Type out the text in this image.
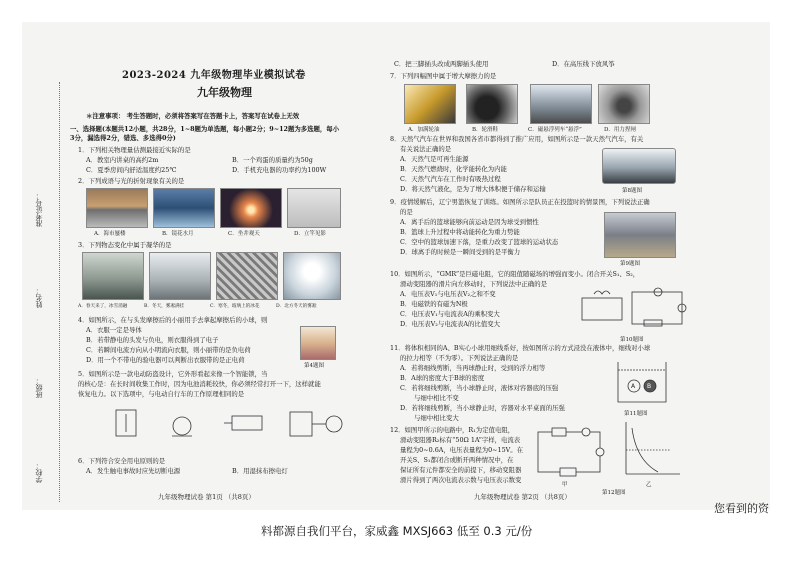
准考证号：
姓名：
班级：
学校：
2023-2024 九年级物理毕业模拟试卷
九年级物理
＊注意事项： 考生答题时，必须将答案写在答题卡上，答案写在试卷上无效
一、选择题(本题共12小题，共28分，1~8题为单选题，每小题2分；9~12题为多选题，每小
3分，漏选得2分，错选、多选得0分)
1．下列相关物理量估测最接近实际的是
A．教室内讲桌的高约2m	B．一个鸡蛋的质量约为50g
C．夏季房间内舒适温度约25℃	D．手机充电器的功率约为100W
2．下列成语与光的折射现象有关的是
A．海市蜃楼	B．镜花水月	C．坐井观天	D．立竿见影
3．下列物态变化中属于凝华的是
A．春天来了，冰雪消融	B．冬天，雾凇满挂	C．寒冬，玻璃上的冰花	D．北方冬天的雾凇
4．如图所示，在与头发摩擦后的小丽用手去拿起摩擦后的小球，则
A．衣服一定是导体
B．若带静电的头发与负电，则衣服得到了电子
C．若瞬间电流方向从小明流向衣服，则小丽带的是负电荷
D．用一个不带电的验电器可以判断出衣服带的是正电荷
第4题图
5．如图所示是一款电动防盗设计，它外形看起来像一个智能锁，当
的核心是：在长时间收集工作时，因为电池消耗较快，你必须经常打开一下，这样就能
恢复电力。以下选项中，与电动自行车的工作原理相同的是
6．下列符合安全用电原则的是
A．发生触电事故时应先切断电源	B．用湿抹布擦电灯
九年级物理试卷 第1页 （共8页）
C．把三脚插头改成两脚插头使用	D．在高压线下放风筝
7．下列四幅图中属于增大摩擦力的是
A．加满轮油	B．轮滑鞋	C．磁悬浮列车“悬浮”	D．用力捏闸
8．天然气汽车在世界和我国各省市都得到了推广应用，如图所示是一款天然气汽车，有关
有关说法正确的是
A．天然气是可再生能源
B．天然气燃烧时，化学能转化为内能
C．天然气汽车在工作时有吸热过程
D．将天然气液化，是为了增大体积便于储存和运输	第8题图
9．疫情缓解后，辽宁男篮恢复了训练。如图所示是队员正在投篮时的情景图，下列说法正确
的是
A．离手后的篮球能够向前运动是因为球受到惯性
B．篮球上升过程中将动能转化为重力势能
C．空中的篮球加速下落，是重力改变了篮球的运动状态
D．球离手的时候是一瞬间受到的是平衡力
第9题图
10．如图所示，“GMR”是巨磁电阻，它的阻值随磁场的增强而变小。闭合开关S₁、S₂，
滑动变阻器的滑片向左移动时，下列说法中正确的是
A．电压表V₁与电压表V₂之和不变
B．电磁铁的有磁为N极
C．电压表V₁与电流表A的乘积变大
D．电压表V₂与电流表A的比值变大
第10题图
11．将体积相同的A、B实心小球用细线系好，按如图所示的方式浸没在液体中，细线对小球
的拉力相等（不为零）。下列说法正确的是
A．若将细线剪断，当再球静止时，受到的浮力相等
B．A球的密度大于B球的密度
C．若将细线剪断，当小球静止时，液体对容器底的压强
与细中相比不变
D．若将细线剪断，当小球静止时，容器对水平桌面的压强
与细中相比变大
A B
第11题图
12．如图甲所示的电路中，R₁为定值电阻，
滑动变阻器R₂标有“50Ω 1A”字样，电流表
量程为0~0.6A，电压表量程为0~15V。在
开关S、S₁都闭合或断开两种情况中，在
保证所有元件都安全的前提下，移动变阻器
滑片得到了两次电流表示数与电压表示数变
甲	乙
第12题图
九年级物理试卷 第2页 （共8页）
您看到的资
料都源自我们平台，家威鑫 MXSJ663 低至 0.3 元/份
